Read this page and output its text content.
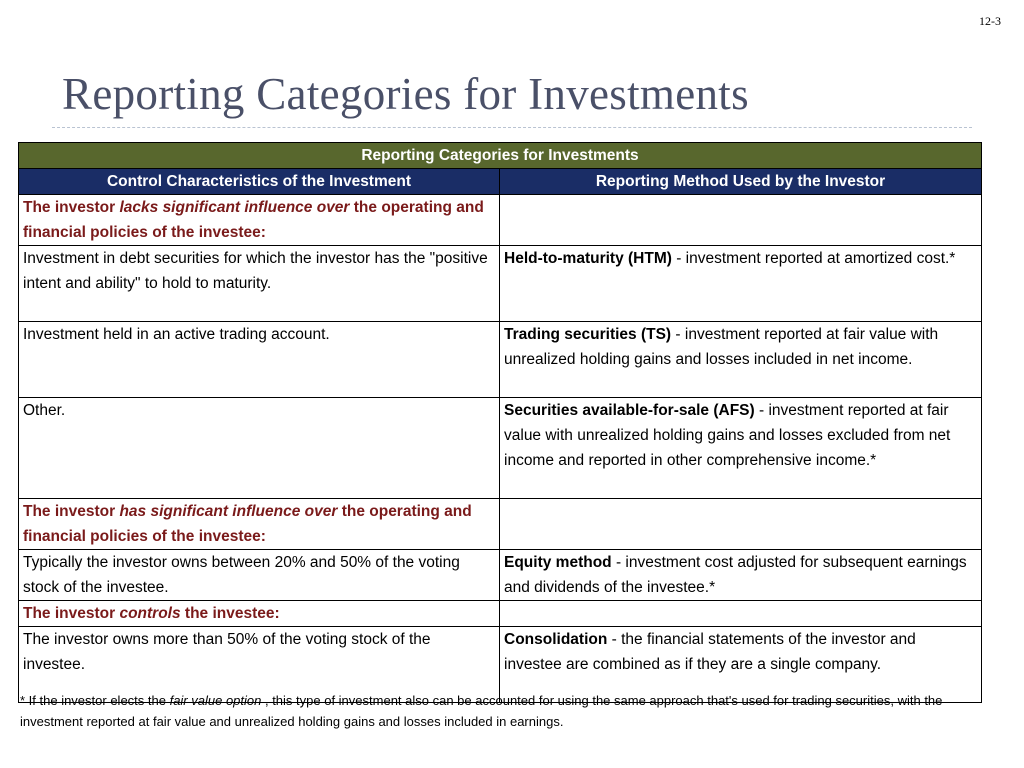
12-3
Reporting Categories for Investments
Reporting Categories for Investments	
Control Characteristics of the Investment	Reporting Method Used by the Investor
The investor lacks significant influence over the operating and financial policies of the investee:	
Investment in debt securities for which the investor has the "positive intent and ability" to hold to maturity.	Held-to-maturity (HTM) - investment reported at amortized cost.*
Investment held in an active trading account.	Trading securities (TS) - investment reported at fair value with unrealized holding gains and losses included in net income.
Other.	Securities available-for-sale (AFS) - investment reported at fair value with unrealized holding gains and losses excluded from net income and reported in other comprehensive income.*
The investor has significant influence over the operating and financial policies of the investee:	
Typically the investor owns between 20% and 50% of the voting stock of the investee.	Equity method - investment cost adjusted for subsequent earnings and dividends of the investee.*
The investor controls the investee:	
The investor owns more than 50% of the voting stock of the investee.	Consolidation - the financial statements of the investor and investee are combined as if they are a single company.
* If the investor elects the fair value option , this type of investment also can be accounted for using the same approach that's used for trading securities, with the investment reported at fair value and unrealized holding gains and losses included in earnings.
